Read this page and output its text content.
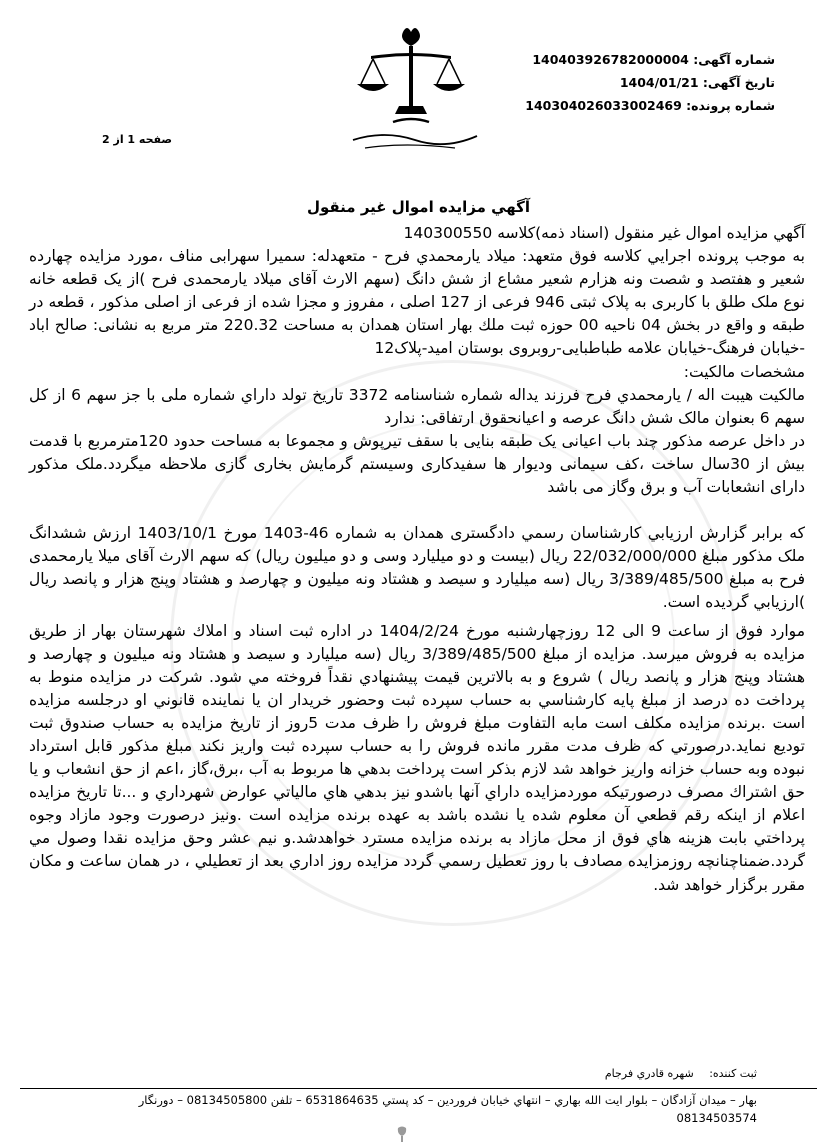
شماره آگهی: 140403926782000004
تاریخ آگهی: 1404/01/21
شماره پرونده: 140304026033002469
صفحه 1 از 2
آگهي مزايده اموال غير منقول

آگهي مزايده اموال غير منقول (اسناد ذمه)كلاسه 140300550

به موجب پرونده اجرايي كلاسه فوق متعهد: ميلاد يارمحمدي فرح - متعهدله: سميرا سهرابی مناف ،مورد مزايده چهارده شعير و هفتصد و شصت ونه هزارم شعير مشاع از شش دانگ (سهم الارث آقای میلاد یارمحمدی فرح )از یک قطعه خانه نوع ملک طلق با کاربری به پلاک ثبتی 946 فرعی از 127 اصلی ، مفروز و مجزا شده از فرعی از اصلی مذکور ، قطعه در طبقه و واقع در بخش 04 ناحيه 00 حوزه ثبت ملك بهار استان همدان به مساحت 220.32 متر مربع به نشانی: صالح اباد -خیابان فرهنگ-خیابان علامه طباطبایی-روبروی بوستان امید-پلاک12

مشخصات مالكيت:

مالكيت هيبت اله / يارمحمدي فرح فرزند يداله شماره شناسنامه 3372 تاريخ تولد داراي شماره ملی با جز سهم 6 از كل سهم 6 بعنوان مالک شش دانگ عرصه و اعیانحقوق ارتفاقی: ندارد

در داخل عرصه مذکور چند باب اعیانی یک طبقه بنایی با سقف تیرپوش و مجموعا به مساحت حدود 120مترمربع با قدمت بیش از 30سال ساخت ،کف سیمانی ودیوار ها سفیدکاری وسیستم گرمایش بخاری گازی ملاحظه میگردد.ملک مذکور دارای انشعابات آب و برق وگاز می باشد

كه برابر گزارش ارزيابي كارشناسان رسمي دادگستری همدان به شماره 46-1403 مورخ 1403/10/1 ارزش ششدانگ ملک مذکور مبلغ 22/032/000/000 ريال (بیست و دو میلیارد وسی و دو میلیون ریال) که سهم الارث آقای میلا یارمحمدی فرح به مبلغ 3/389/485/500 ريال (سه میلیارد و سیصد و هشتاد ونه میلیون و چهارصد و هشتاد وپنج هزار و پانصد ریال )ارزيابي گرديده است.

موارد فوق از ساعت 9 الی 12 روزچهارشنبه مورخ 1404/2/24 در اداره ثبت اسناد و املاك شهرستان بهار از طريق مزايده به فروش ميرسد. مزايده از مبلغ 3/389/485/500 ريال (سه میلیارد و سیصد و هشتاد ونه میلیون و چهارصد و هشتاد وپنج هزار و پانصد ریال ) شروع و به بالاترين قيمت پيشنهادي نقداً فروخته مي شود. شركت در مزايده منوط به پرداخت ده درصد از مبلغ پايه كارشناسي به حساب سپرده ثبت وحضور خريدار ان يا نماينده قانوني او درجلسه مزايده است .برنده مزايده مكلف است مابه التفاوت مبلغ فروش را ظرف مدت 5روز از تاريخ مزايده به حساب صندوق ثبت توديع نمايد.درصورتي كه ظرف مدت مقرر مانده فروش را به حساب سپرده ثبت واريز نكند مبلغ مذكور قابل استرداد نبوده وبه حساب خزانه واريز خواهد شد لازم بذكر است پرداخت بدهي ها مربوط به آب ،برق،گاز ،اعم از حق انشعاب و يا حق اشتراك مصرف درصورتيكه موردمزايده داراي آنها باشدو نيز بدهي هاي مالياتي عوارض شهرداري و ...تا تاريخ مزايده اعلام از اينكه رقم قطعي آن معلوم شده يا نشده باشد به عهده برنده مزايده است .ونيز درصورت وجود مازاد وجوه پرداختي بابت هزينه هاي فوق از محل مازاد به برنده مزايده مسترد خواهدشد.و نيم عشر وحق مزايده نقدا وصول مي گردد.ضمناچنانچه روزمزايده مصادف با روز تعطيل رسمي گردد مزايده روز اداري بعد از تعطيلي ، در همان ساعت و مكان مقرر برگزار خواهد شد.

ثبت كننده: شهره قادري فرجام
بهار – ميدان آزادگان – بلوار ايت الله بهاري – انتهاي خيابان فروردين – كد پستي 6531864635 – تلفن 08134505800 – دورنگار
08134503574
